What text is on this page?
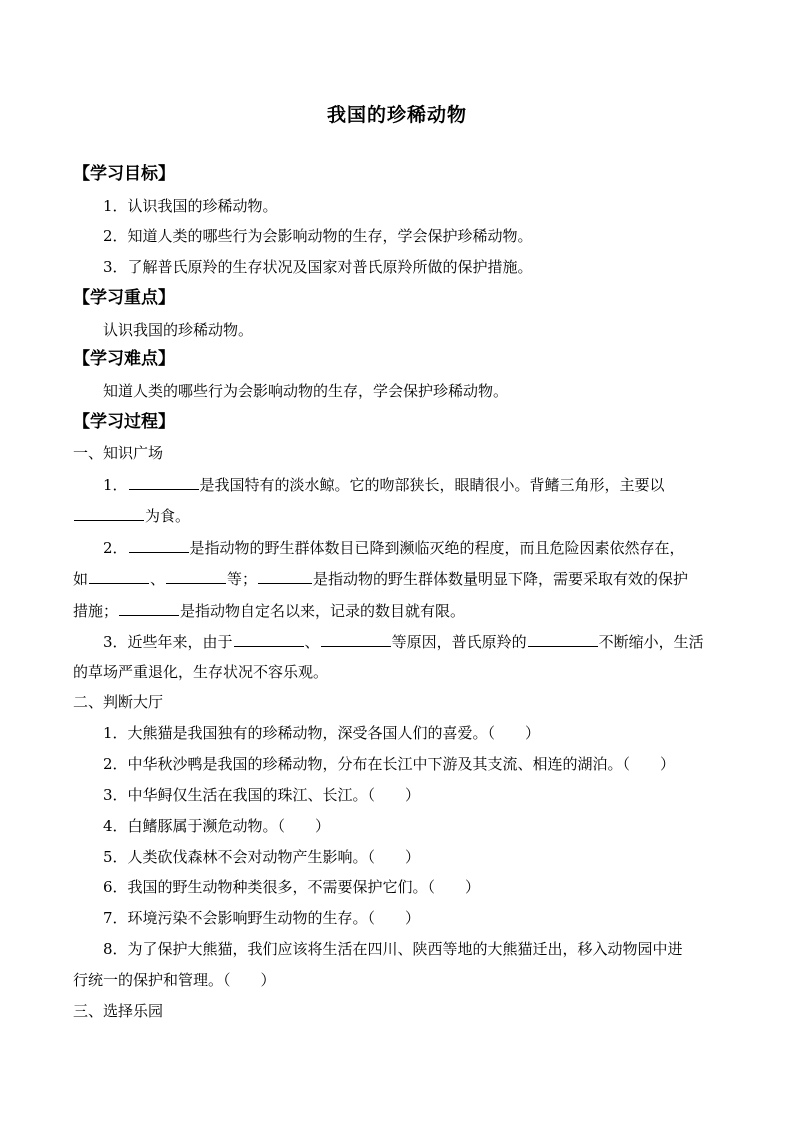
我国的珍稀动物
【学习目标】
1．认识我国的珍稀动物。
2．知道人类的哪些行为会影响动物的生存，学会保护珍稀动物。
3．了解普氏原羚的生存状况及国家对普氏原羚所做的保护措施。
【学习重点】
认识我国的珍稀动物。
【学习难点】
知道人类的哪些行为会影响动物的生存，学会保护珍稀动物。
【学习过程】
一、知识广场
1．	是我国特有的淡水鲸。它的吻部狭长，眼睛很小。背鳍三角形，主要以
为食。
2．	是指动物的野生群体数目已降到濒临灭绝的程度，而且危险因素依然存在，
如	、	等；	是指动物的野生群体数量明显下降，需要采取有效的保护
措施；	是指动物自定名以来，记录的数目就有限。
3．近些年来，由于	、	等原因，普氏原羚的	不断缩小，生活
的草场严重退化，生存状况不容乐观。
二、判断大厅
1．大熊猫是我国独有的珍稀动物，深受各国人们的喜爱。（　　）
2．中华秋沙鸭是我国的珍稀动物，分布在长江中下游及其支流、相连的湖泊。（　　）
3．中华鲟仅生活在我国的珠江、长江。（　　）
4．白鳍豚属于濒危动物。（　　）
5．人类砍伐森林不会对动物产生影响。（　　）
6．我国的野生动物种类很多，不需要保护它们。（　　）
7．环境污染不会影响野生动物的生存。（　　）
8．为了保护大熊猫，我们应该将生活在四川、陕西等地的大熊猫迁出，移入动物园中进
行统一的保护和管理。（　　）
三、选择乐园
